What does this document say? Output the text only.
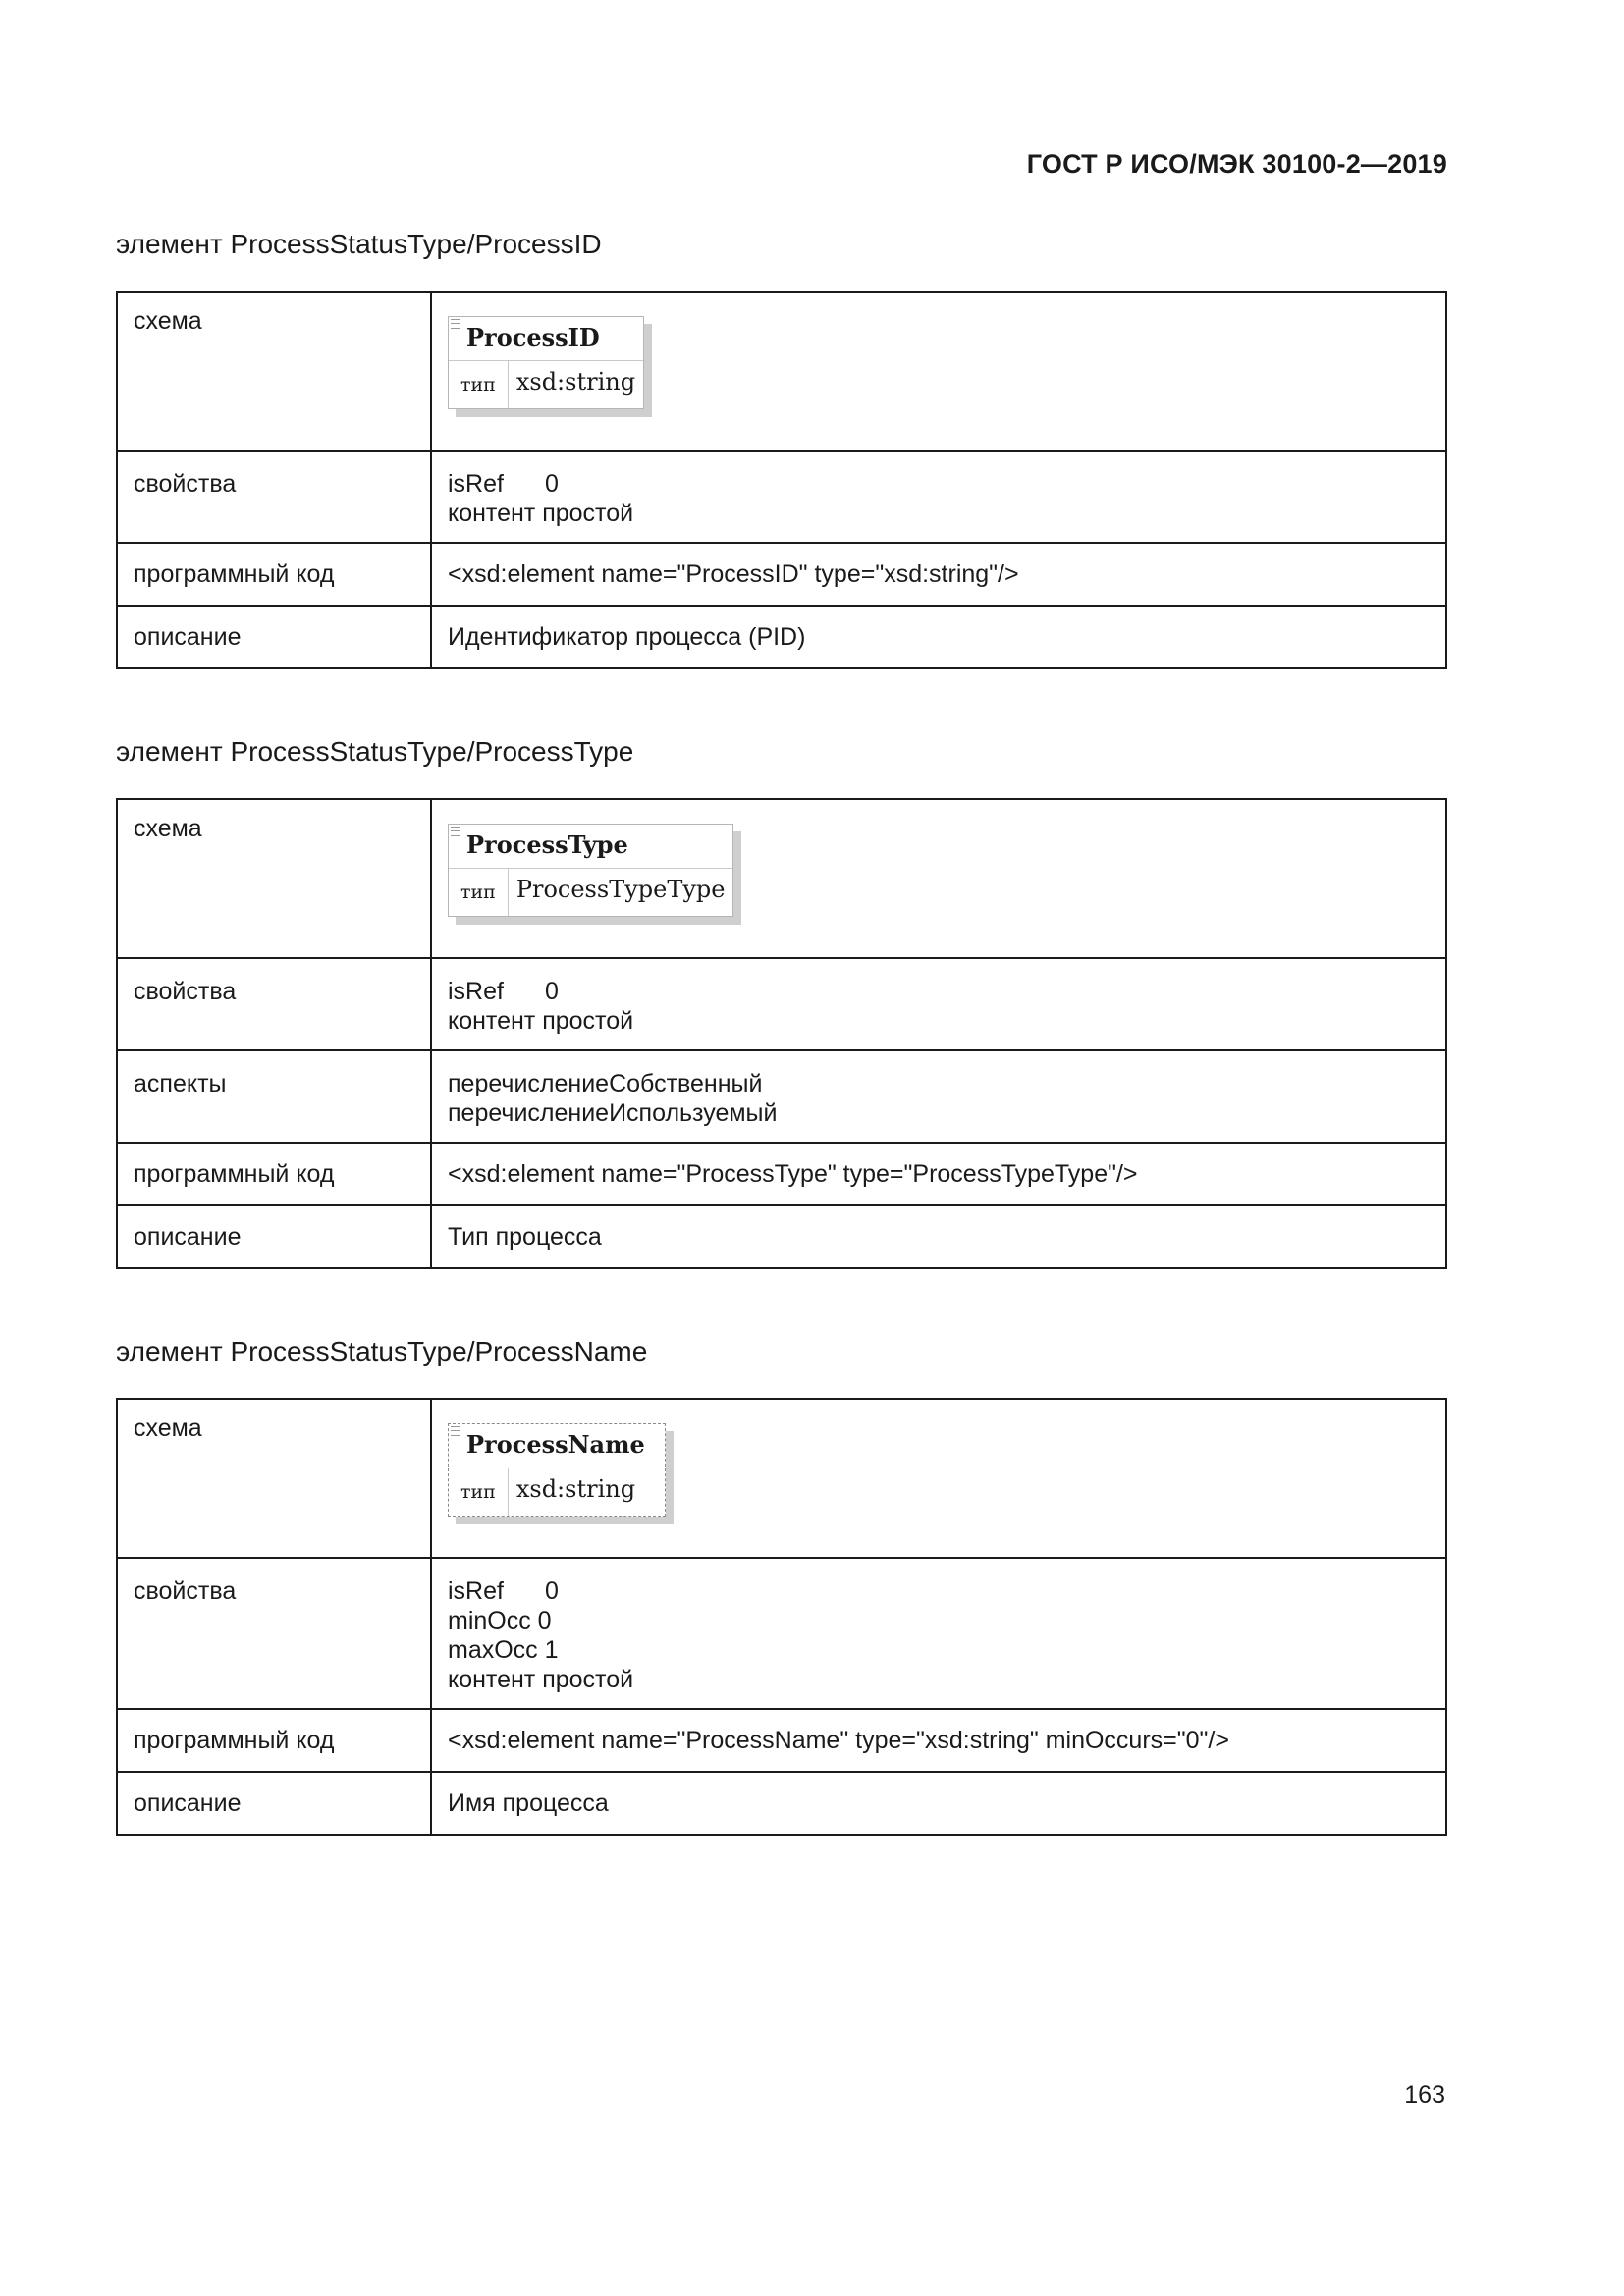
ГОСТ Р ИСО/МЭК 30100-2—2019
элемент ProcessStatusType/ProcessID
схема	ProcessID
тип xsd:string

свойства	isRef 0
контент простой

программный код	<xsd:element name="ProcessID" type="xsd:string"/>
описание	Идентификатор процесса (PID)
элемент ProcessStatusType/ProcessType
схема	ProcessType
тип ProcessTypeType

свойства	isRef 0
контент простой

аспекты	перечислениеСобственный
перечислениеИспользуемый

программный код	<xsd:element name="ProcessType" type="ProcessTypeType"/>
описание	Тип процесса
элемент ProcessStatusType/ProcessName
схема	ProcessName
тип xsd:string

свойства	isRef 0
minOcc 0
maxOcc 1
контент простой

программный код	<xsd:element name="ProcessName" type="xsd:string" minOccurs="0"/>
описание	Имя процесса
163
